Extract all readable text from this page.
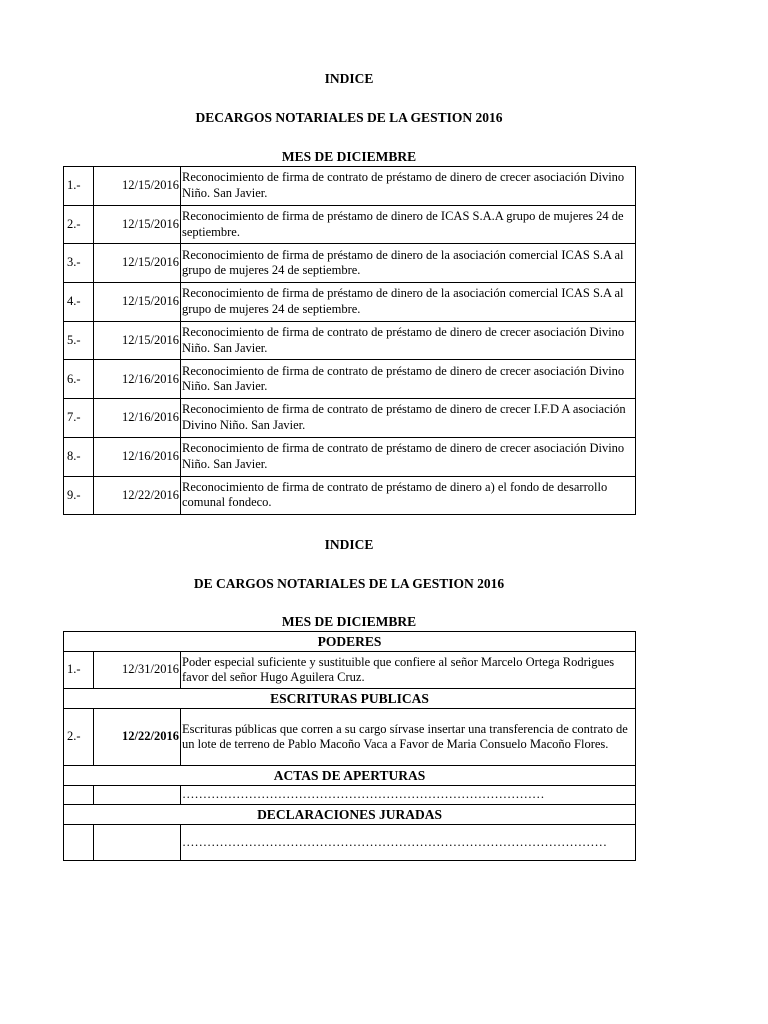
INDICE
DECARGOS NOTARIALES DE LA GESTION 2016
MES DE DICIEMBRE
1.-	12/15/2016	Reconocimiento de firma de contrato de préstamo de dinero de crecer asociación Divino Niño. San Javier.
2.-	12/15/2016	Reconocimiento de firma de préstamo de dinero de ICAS S.A.A grupo de mujeres 24 de septiembre.
3.-	12/15/2016	Reconocimiento de firma de préstamo de dinero de la asociación comercial ICAS S.A al grupo de mujeres 24 de septiembre.
4.-	12/15/2016	Reconocimiento de firma de préstamo de dinero de la asociación comercial ICAS S.A al grupo de mujeres 24 de septiembre.
5.-	12/15/2016	Reconocimiento de firma de contrato de préstamo de dinero de crecer asociación Divino Niño. San Javier.
6.-	12/16/2016	Reconocimiento de firma de contrato de préstamo de dinero de crecer asociación Divino Niño. San Javier.
7.-	12/16/2016	Reconocimiento de firma de contrato de préstamo de dinero de crecer I.F.D A asociación Divino Niño. San Javier.
8.-	12/16/2016	Reconocimiento de firma de contrato de préstamo de dinero de crecer asociación Divino Niño. San Javier.
9.-	12/22/2016	Reconocimiento de firma de contrato de préstamo de dinero a) el fondo de desarrollo comunal fondeco.
INDICE
DE CARGOS NOTARIALES DE LA GESTION 2016
MES DE DICIEMBRE
PODERES		
1.-	12/31/2016	Poder especial suficiente y sustituible que confiere al señor Marcelo Ortega Rodrigues favor del señor Hugo Aguilera Cruz.
ESCRITURAS PUBLICAS		
2.-	12/22/2016	Escrituras públicas que corren a su cargo sírvase insertar una transferencia de contrato de un lote de terreno de Pablo Macoño Vaca a Favor de Maria Consuelo Macoño Flores.
ACTAS DE APERTURAS		
		……………………………………………………………………………
DECLARACIONES JURADAS		
		…………………………………………………………………………………………
